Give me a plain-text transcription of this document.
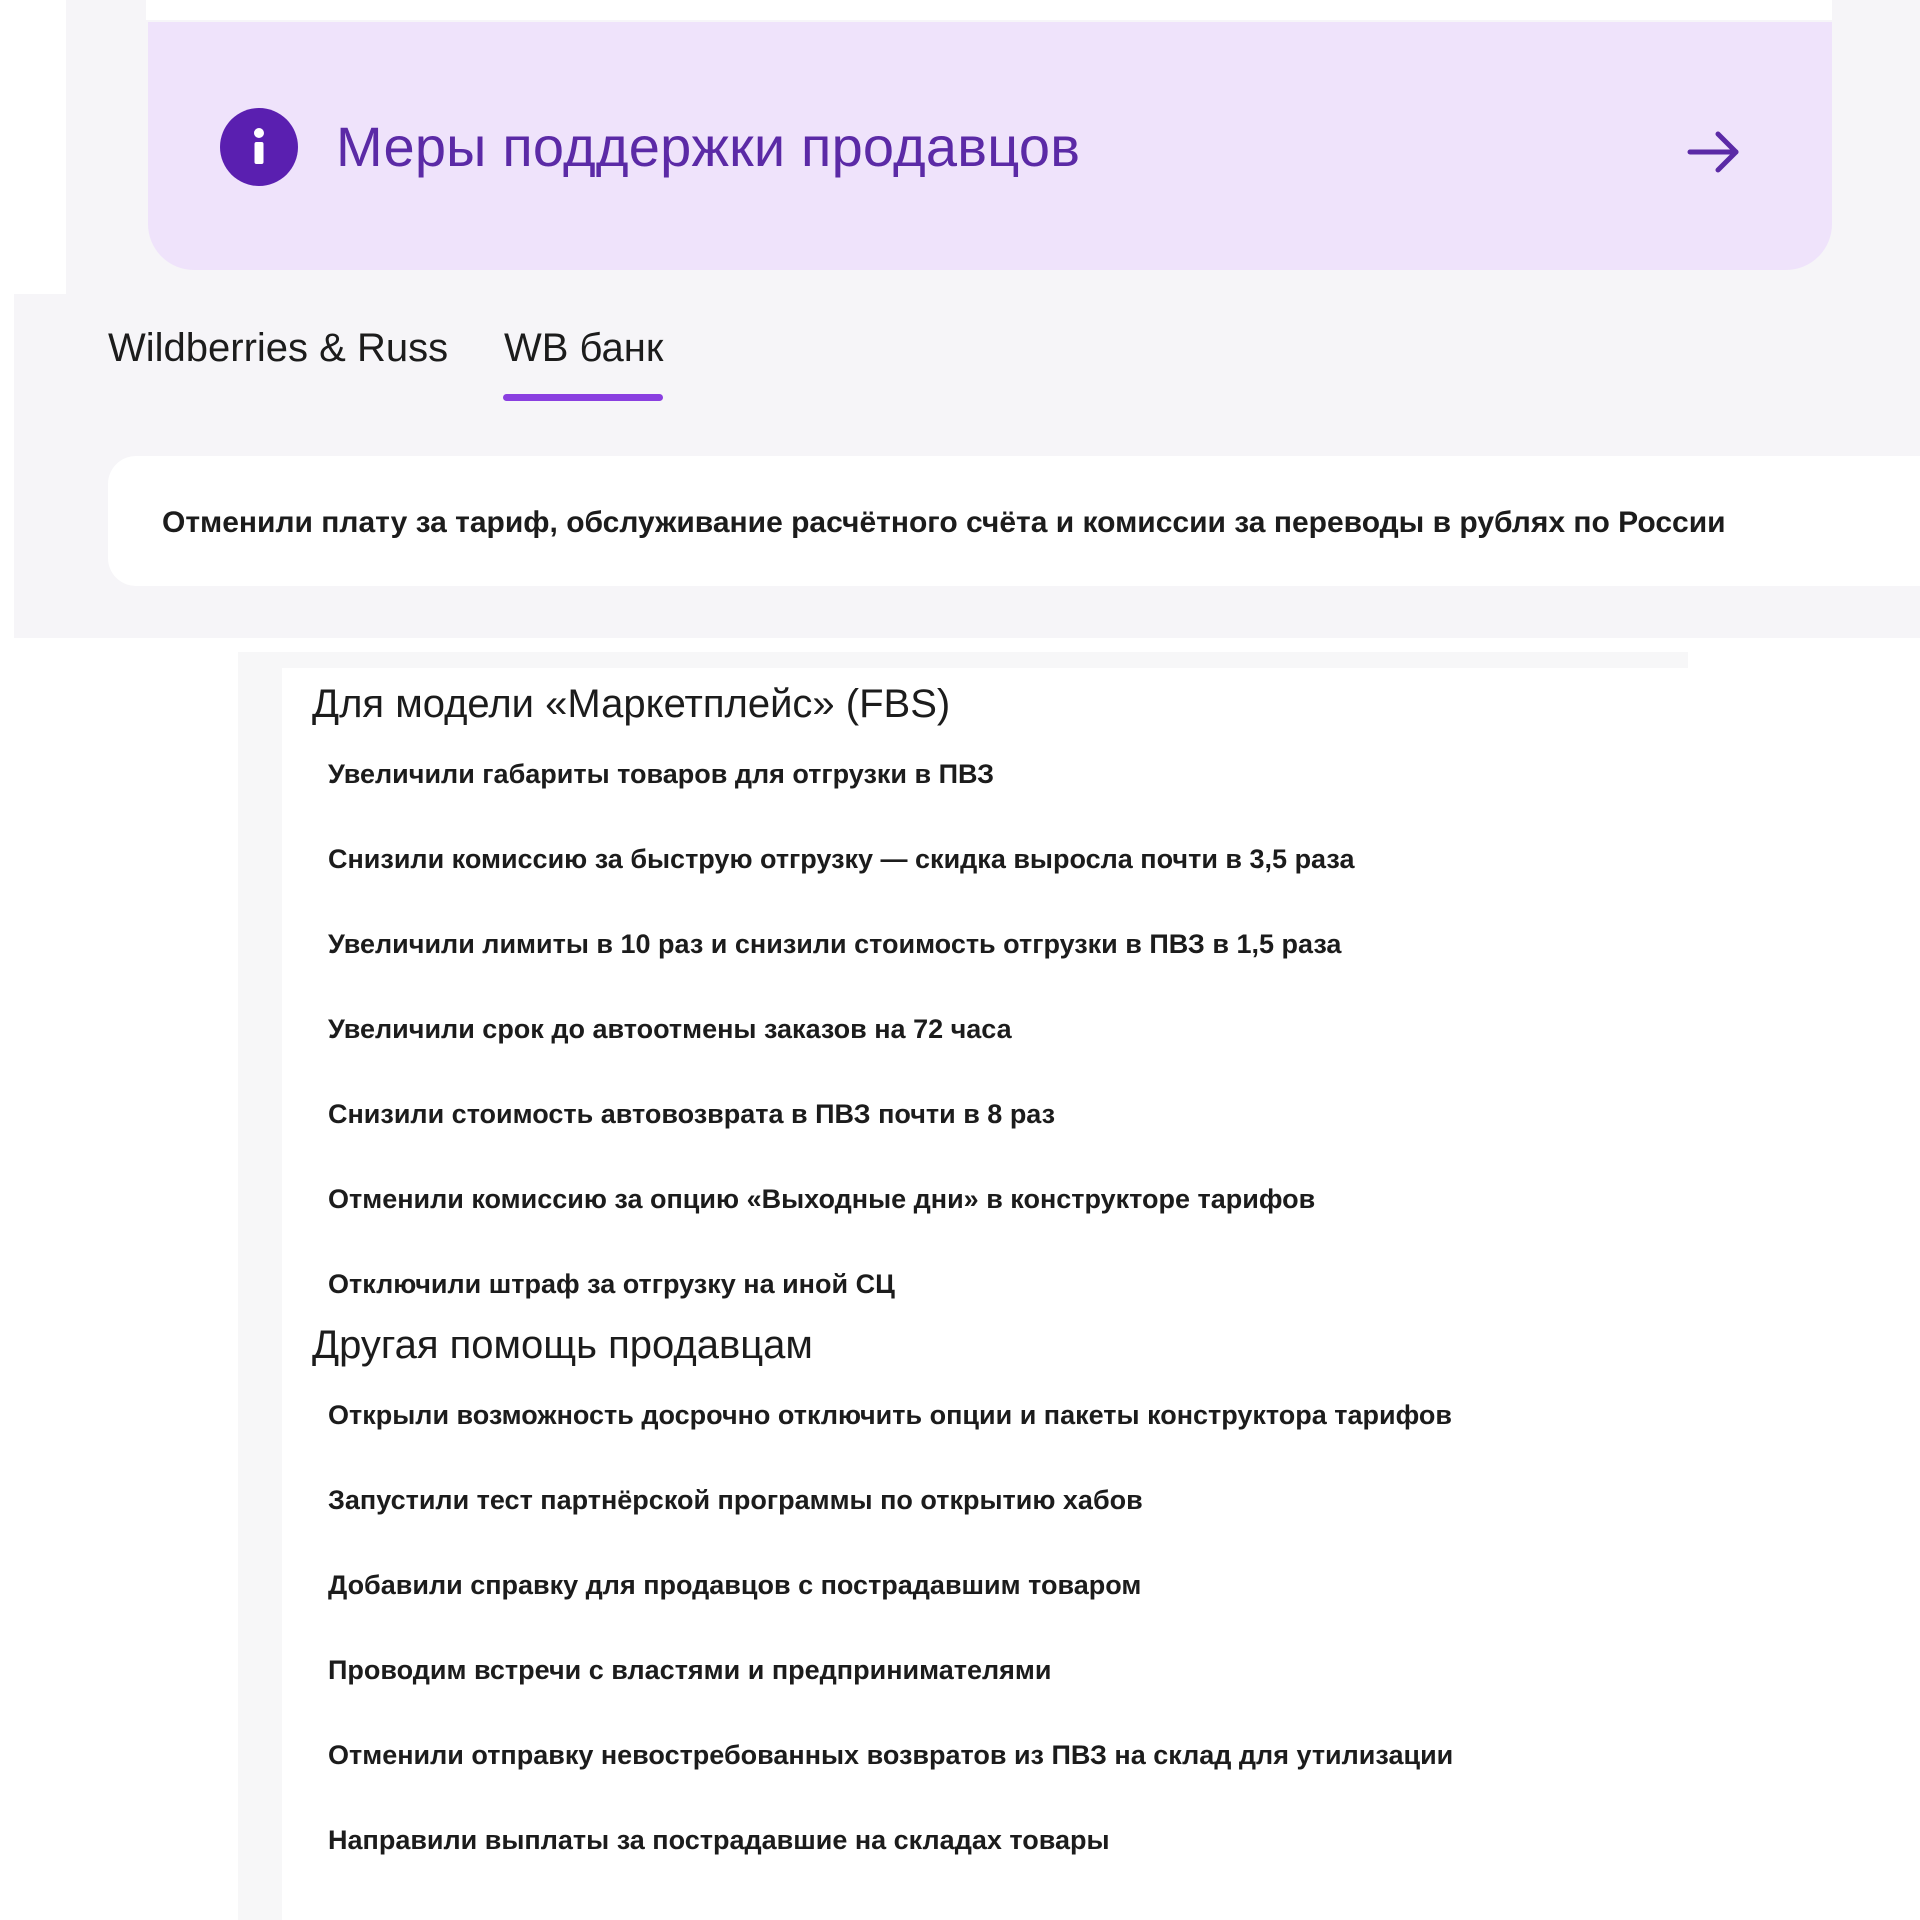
Меры поддержки продавцов
Wildberries & Russ WB банк
Отменили плату за тариф, обслуживание расчётного счёта и комиссии за переводы в рублях по России
Для модели «Маркетплейс» (FBS)
Увеличили габариты товаров для отгрузки в ПВЗ
Снизили комиссию за быструю отгрузку — скидка выросла почти в 3,5 раза
Увеличили лимиты в 10 раз и снизили стоимость отгрузки в ПВЗ в 1,5 раза
Увеличили срок до автоотмены заказов на 72 часа
Снизили стоимость автовозврата в ПВЗ почти в 8 раз
Отменили комиссию за опцию «Выходные дни» в конструкторе тарифов
Отключили штраф за отгрузку на иной СЦ
Другая помощь продавцам
Открыли возможность досрочно отключить опции и пакеты конструктора тарифов
Запустили тест партнёрской программы по открытию хабов
Добавили справку для продавцов с пострадавшим товаром
Проводим встречи с властями и предпринимателями
Отменили отправку невостребованных возвратов из ПВЗ на склад для утилизации
Направили выплаты за пострадавшие на складах товары
